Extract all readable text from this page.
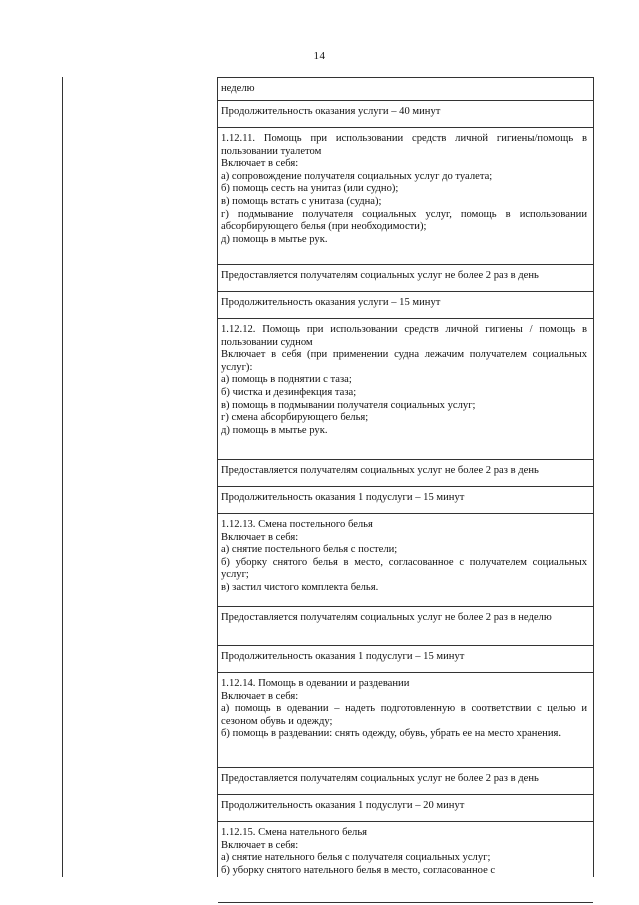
14

неделю

Продолжительность оказания услуги – 40 минут

1.12.11. Помощь при использовании средств личной гигиены/помощь в пользовании туалетом

Включает в себя:

а) сопровождение получателя социальных услуг до туалета;

б) помощь сесть на унитаз (или судно);

в) помощь встать с унитаза (судна);

г) подмывание получателя социальных услуг, помощь в использовании абсорбирующего белья (при необходимости);

д) помощь в мытье рук.

Предоставляется получателям социальных услуг не более 2 раз в день

Продолжительность оказания услуги – 15 минут

1.12.12. Помощь при использовании средств личной гигиены / помощь в пользовании судном

Включает в себя (при применении судна лежачим получателем социальных услуг):

а) помощь в поднятии с таза;

б) чистка и дезинфекция таза;

в) помощь в подмывании получателя социальных услуг;

г) смена абсорбирующего белья;

д) помощь в мытье рук.

Предоставляется получателям социальных услуг не более 2 раз в день

Продолжительность оказания 1 подуслуги – 15 минут

1.12.13. Смена постельного белья

Включает в себя:

а) снятие постельного белья с постели;

б) уборку снятого белья в место, согласованное с получателем социальных услуг;

в) застил чистого комплекта белья.

Предоставляется получателям социальных услуг не более 2 раз в неделю

Продолжительность оказания 1 подуслуги – 15 минут

1.12.14. Помощь в одевании и раздевании

Включает в себя:

а) помощь в одевании – надеть подготовленную в соответствии с целью и сезоном обувь и одежду;

б) помощь в раздевании: снять одежду, обувь, убрать ее на место хранения.

Предоставляется получателям социальных услуг не более 2 раз в день

Продолжительность оказания 1 подуслуги – 20 минут

1.12.15. Смена нательного белья

Включает в себя:

а) снятие нательного белья с получателя социальных услуг;

б) уборку снятого нательного белья в место, согласованное с
